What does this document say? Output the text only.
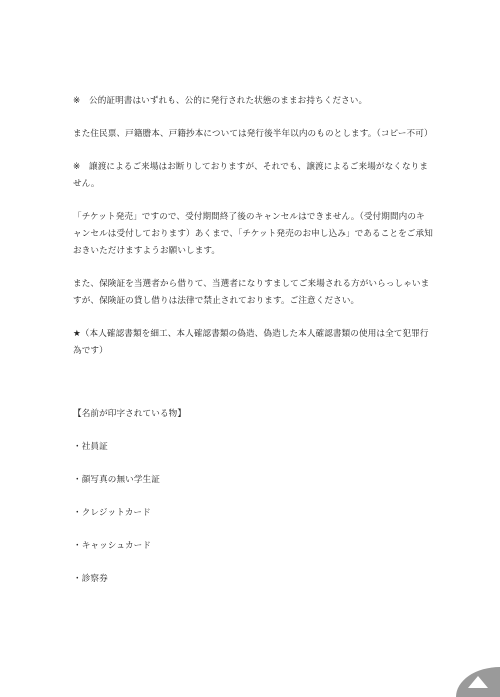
※　公的証明書はいずれも、公的に発行された状態のままお持ちください。

また住民票、戸籍謄本、戸籍抄本については発行後半年以内のものとします。（コピー不可）

※　譲渡によるご来場はお断りしておりますが、それでも、譲渡によるご来場がなくなりません。

「チケット発売」ですので、受付期間終了後のキャンセルはできません。（受付期間内のキャンセルは受付しております）あくまで、「チケット発売のお申し込み」であることをご承知おきいただけますようお願いします。

また、保険証を当選者から借りて、当選者になりすましてご来場される方がいらっしゃいますが、保険証の貸し借りは法律で禁止されております。ご注意ください。

★（本人確認書類を細工、本人確認書類の偽造、偽造した本人確認書類の使用は全て犯罪行為です）

【名前が印字されている物】

・社員証

・顔写真の無い学生証

・クレジットカード

・キャッシュカード

・診察券
